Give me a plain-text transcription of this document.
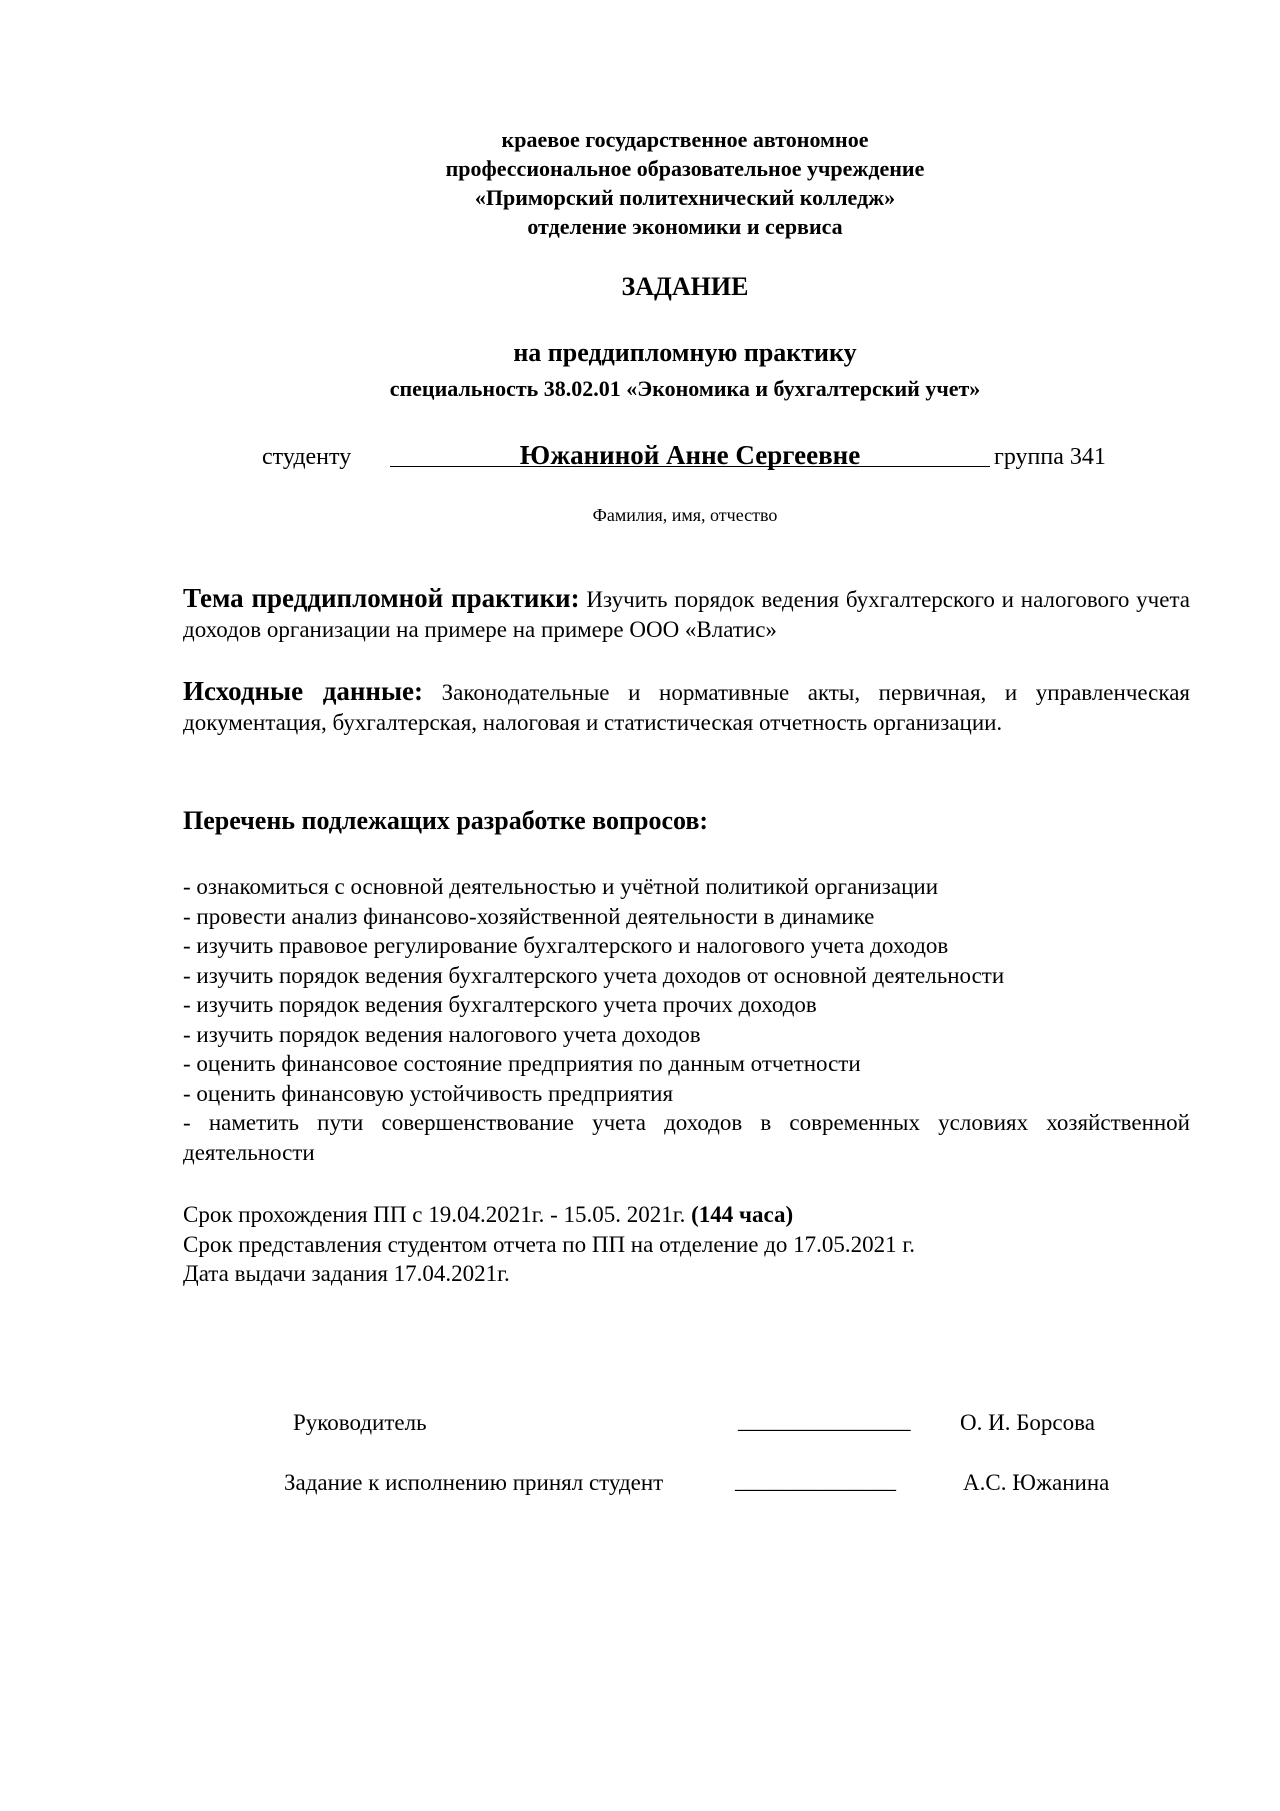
краевое государственное автономное
профессиональное образовательное учреждение
«Приморский политехнический колледж»
отделение экономики и сервиса
ЗАДАНИЕ
на преддипломную практику
специальность 38.02.01 «Экономика и бухгалтерский учет»
студенту	Южаниной Анне Сергеевне	группа 341
Фамилия, имя, отчество
Тема преддипломной практики: Изучить порядок ведения бухгалтерского и налогового учета доходов организации на примере на примере ООО «Влатис»
Исходные данные: Законодательные и нормативные акты, первичная, и управленческая документация, бухгалтерская, налоговая и статистическая отчетность организации.
Перечень подлежащих разработке вопросов:
- ознакомиться с основной деятельностью и учётной политикой организации
- провести анализ финансово-хозяйственной деятельности в динамике
- изучить правовое регулирование бухгалтерского и налогового учета доходов
- изучить порядок ведения бухгалтерского учета доходов от основной деятельности
- изучить порядок ведения бухгалтерского учета прочих доходов
- изучить порядок ведения налогового учета доходов
- оценить финансовое состояние предприятия по данным отчетности
- оценить финансовую устойчивость предприятия
- наметить пути совершенствование учета доходов в современных условиях хозяйственной деятельности
Срок прохождения ПП с 19.04.2021г. - 15.05. 2021г. (144 часа)
Срок представления студентом отчета по ПП на отделение до 17.05.2021 г.
Дата выдачи задания 17.04.2021г.
Руководитель	_______________ О. И. Борсова
Задание к исполнению принял студент	______________	А.С. Южанина
